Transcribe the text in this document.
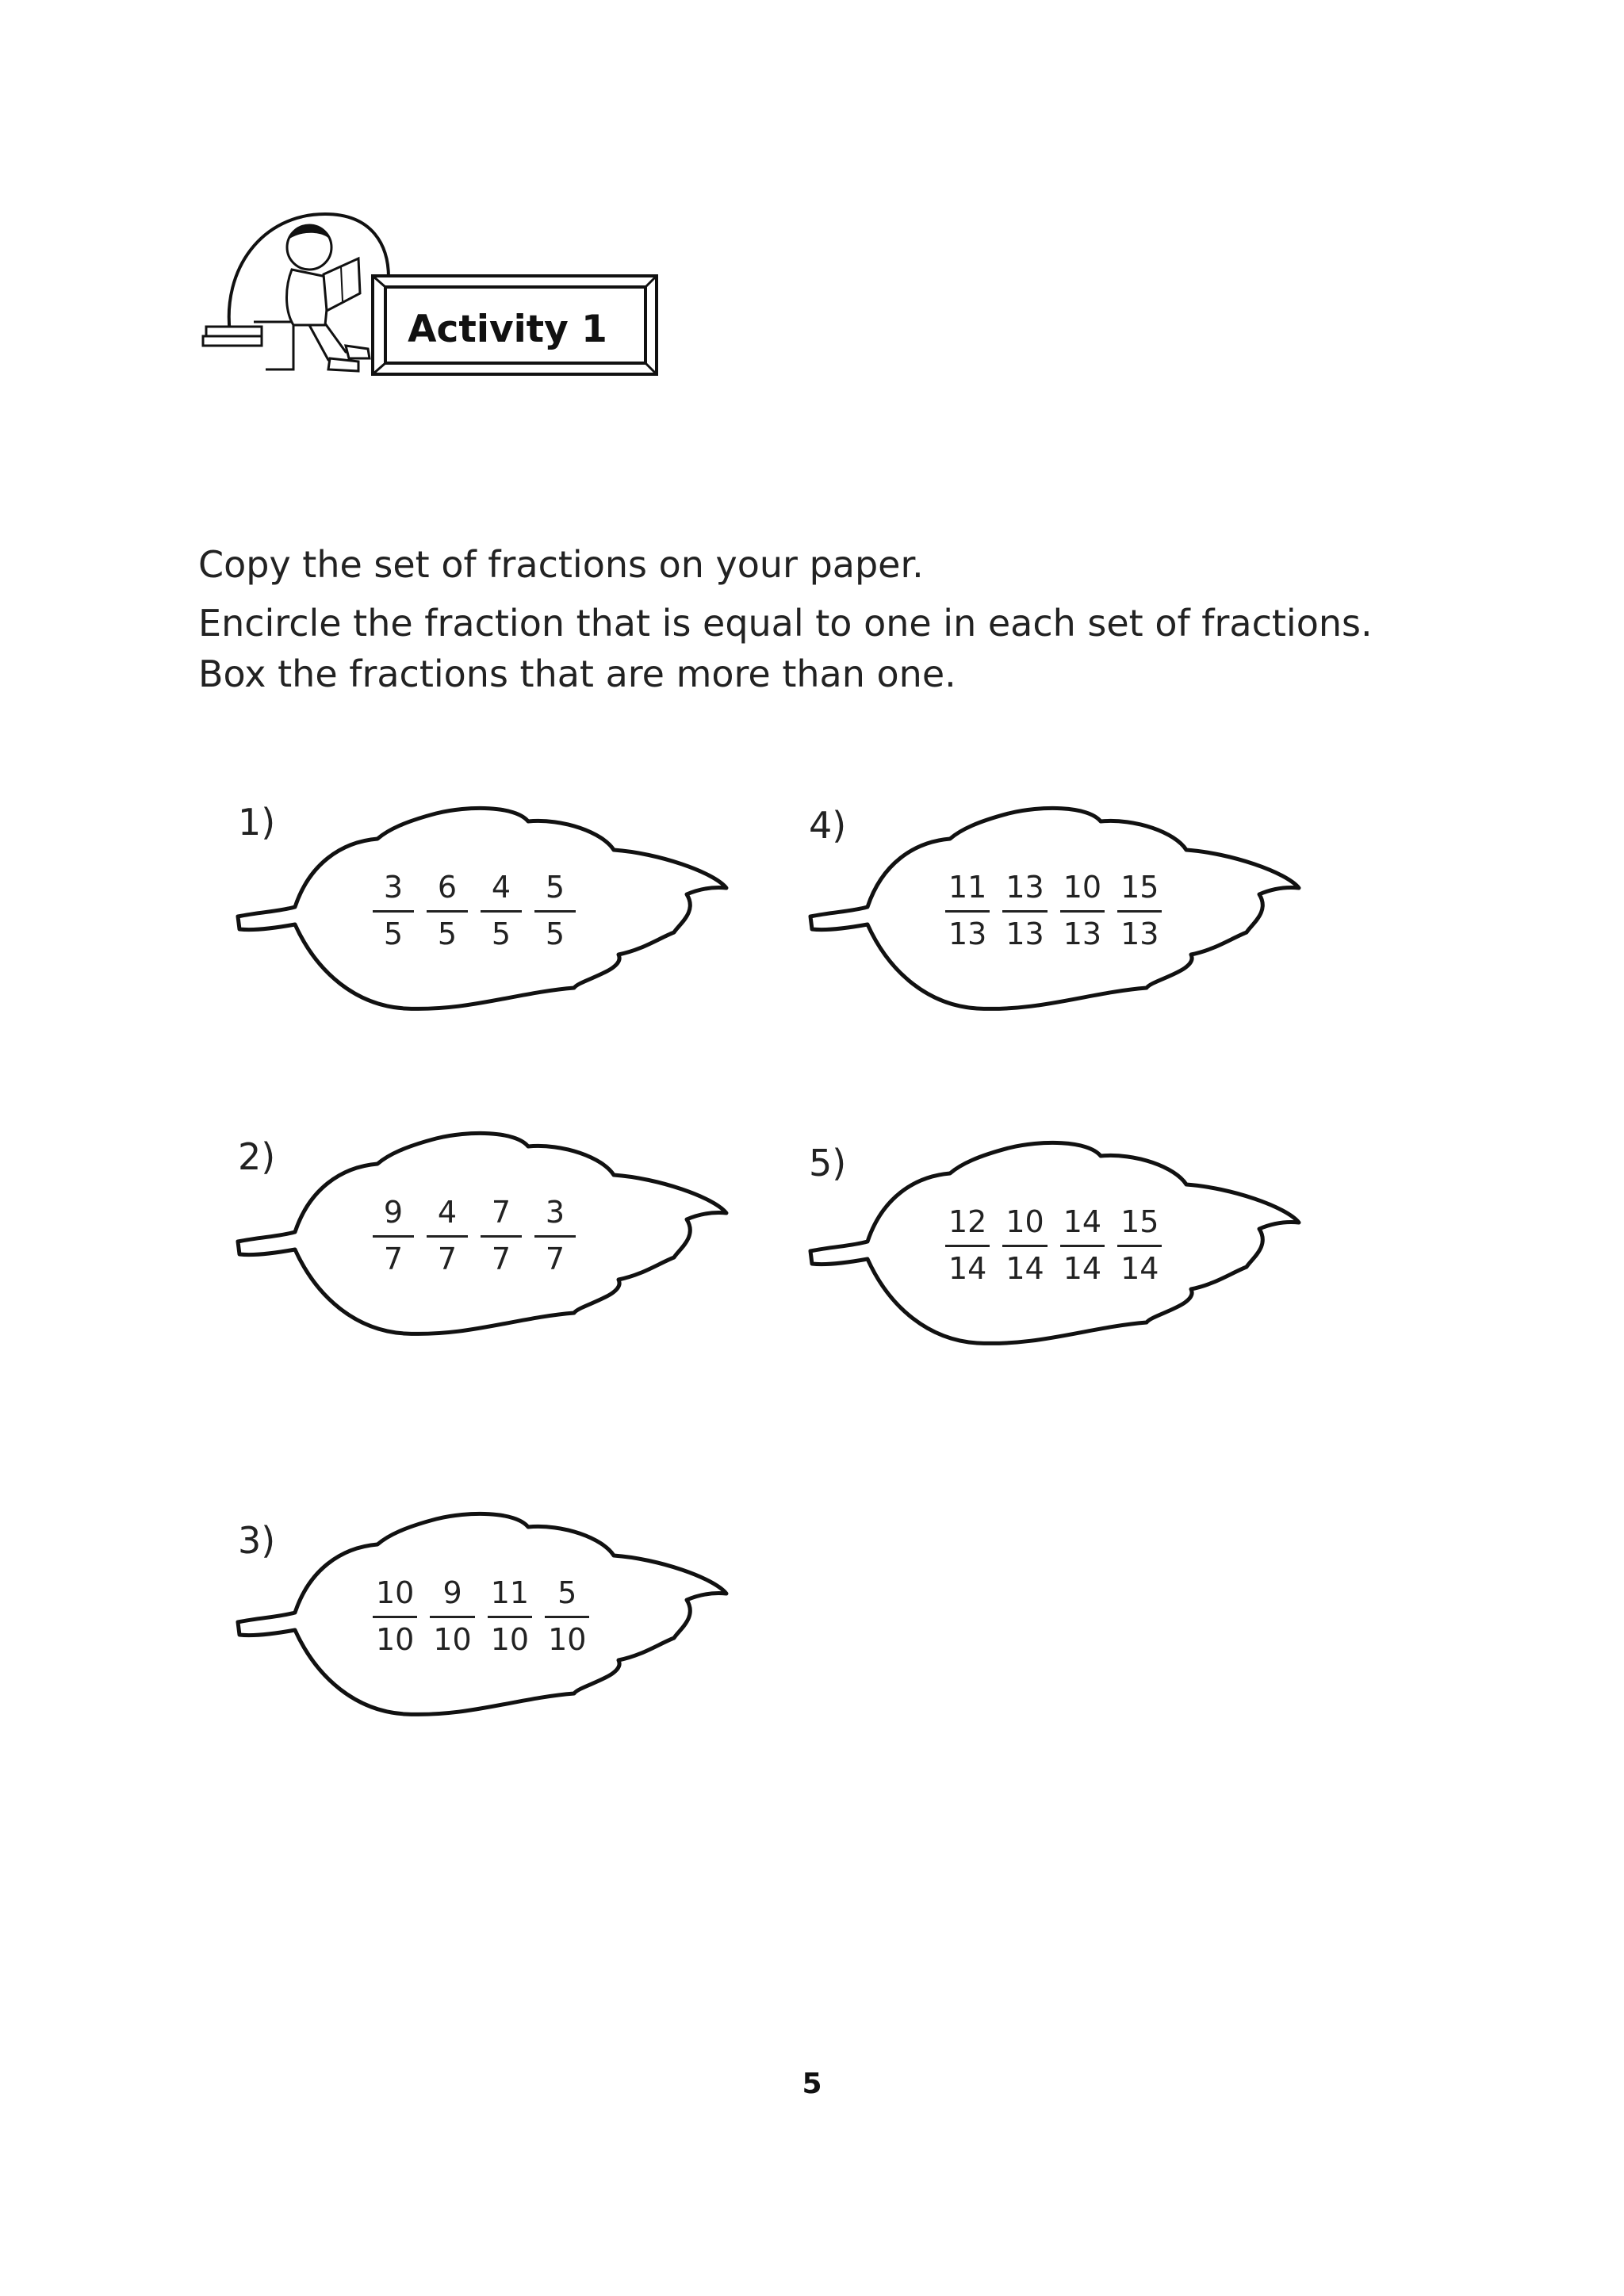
Activity 1

Copy the set of fractions on your paper.

Encircle the fraction that is equal to one in each set of fractions.

Box the fractions that are more than one.

$\frac{3}{5} \frac{6}{5} \frac{4}{5} \frac{5}{5}$
1)
$\frac{9}{7} \frac{4}{7} \frac{7}{7} \frac{3}{7}$
2)
$\frac{10}{10} \frac{9}{10} \frac{11}{10} \frac{5}{10}$
3)
$\frac{11}{13} \frac{13}{13} \frac{10}{13} \frac{15}{13}$
4)
$\frac{12}{14} \frac{10}{14} \frac{14}{14} \frac{15}{14}$
5)
5
